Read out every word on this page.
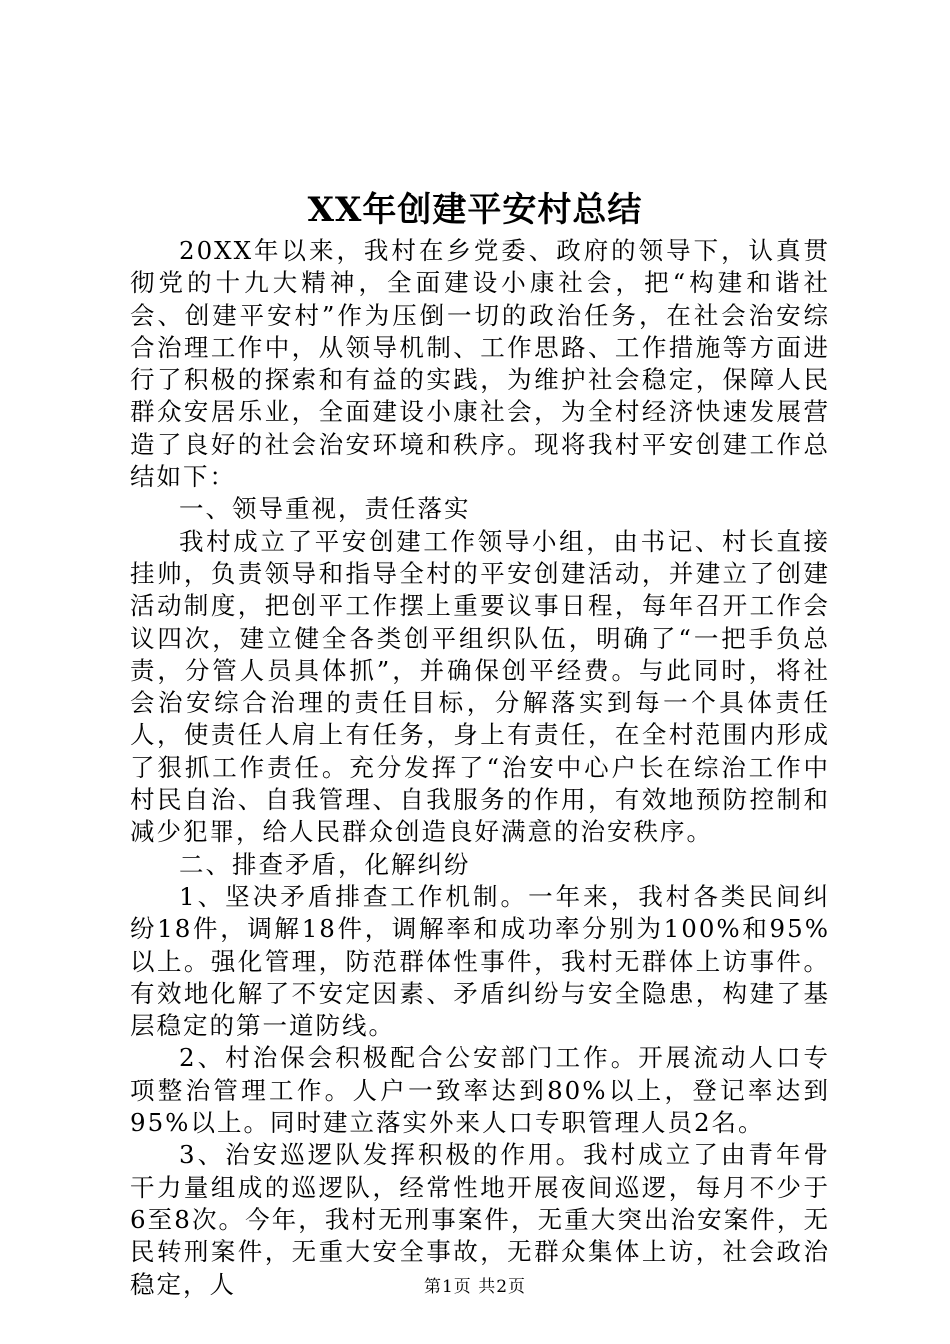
XX年创建平安村总结

20XX年以来，我村在乡党委、政府的领导下，认真贯彻党的十九大精神，全面建设小康社会，把“构建和谐社会、创建平安村”作为压倒一切的政治任务，在社会治安综合治理工作中，从领导机制、工作思路、工作措施等方面进行了积极的探索和有益的实践，为维护社会稳定，保障人民群众安居乐业，全面建设小康社会，为全村经济快速发展营造了良好的社会治安环境和秩序。现将我村平安创建工作总结如下：

一、领导重视，责任落实

我村成立了平安创建工作领导小组，由书记、村长直接挂帅，负责领导和指导全村的平安创建活动，并建立了创建活动制度，把创平工作摆上重要议事日程，每年召开工作会议四次，建立健全各类创平组织队伍，明确了“一把手负总责，分管人员具体抓”，并确保创平经费。与此同时，将社会治安综合治理的责任目标，分解落实到每一个具体责任人，使责任人肩上有任务，身上有责任，在全村范围内形成了狠抓工作责任。充分发挥了“治安中心户长在综治工作中村民自治、自我管理、自我服务的作用，有效地预防控制和减少犯罪，给人民群众创造良好满意的治安秩序。

二、排查矛盾，化解纠纷

1、坚决矛盾排查工作机制。一年来，我村各类民间纠纷18件，调解18件，调解率和成功率分别为100%和95%以上。强化管理，防范群体性事件，我村无群体上访事件。有效地化解了不安定因素、矛盾纠纷与安全隐患，构建了基层稳定的第一道防线。

2、村治保会积极配合公安部门工作。开展流动人口专项整治管理工作。人户一致率达到80%以上，登记率达到95%以上。同时建立落实外来人口专职管理人员2名。

3、治安巡逻队发挥积极的作用。我村成立了由青年骨干力量组成的巡逻队，经常性地开展夜间巡逻，每月不少于6至8次。今年，我村无刑事案件，无重大突出治安案件，无民转刑案件，无重大安全事故，无群众集体上访，社会政治稳定，人	第1页 共2页
